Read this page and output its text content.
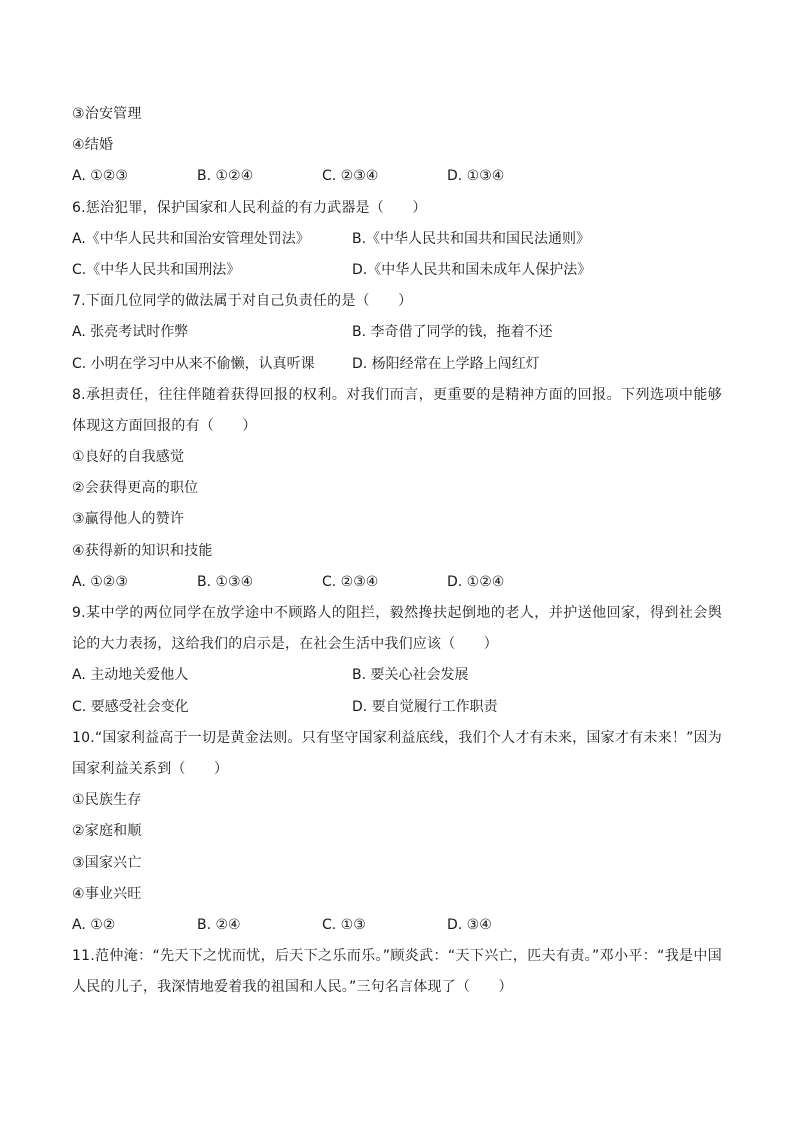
③治安管理
④结婚
A. ①②③	B. ①②④	C. ②③④	D. ①③④
6.惩治犯罪，保护国家和人民利益的有力武器是（　　）
A.《中华人民共和国治安管理处罚法》	B.《中华人民共和国共和国民法通则》
C.《中华人民共和国刑法》	D.《中华人民共和国未成年人保护法》
7.下面几位同学的做法属于对自己负责任的是（　　）
A. 张亮考试时作弊	B. 李奇借了同学的钱，拖着不还
C. 小明在学习中从来不偷懒，认真听课	D. 杨阳经常在上学路上闯红灯
8.承担责任，往往伴随着获得回报的权利。对我们而言，更重要的是精神方面的回报。下列选项中能够体现这方面回报的有（　　）
①良好的自我感觉
②会获得更高的职位
③赢得他人的赞许
④获得新的知识和技能
A. ①②③	B. ①③④	C. ②③④	D. ①②④
9.某中学的两位同学在放学途中不顾路人的阻拦，毅然搀扶起倒地的老人，并护送他回家，得到社会舆论的大力表扬，这给我们的启示是，在社会生活中我们应该（　　）
A. 主动地关爱他人	B. 要关心社会发展
C. 要感受社会变化	D. 要自觉履行工作职责
10.“国家利益高于一切是黄金法则。只有坚守国家利益底线，我们个人才有未来，国家才有未来！”因为国家利益关系到（　　）
①民族生存
②家庭和顺
③国家兴亡
④事业兴旺
A. ①②	B. ②④	C. ①③	D. ③④
11.范仲淹：“先天下之忧而忧，后天下之乐而乐。”顾炎武：“天下兴亡，匹夫有责。”邓小平：“我是中国人民的儿子，我深情地爱着我的祖国和人民。”三句名言体现了（　　）
